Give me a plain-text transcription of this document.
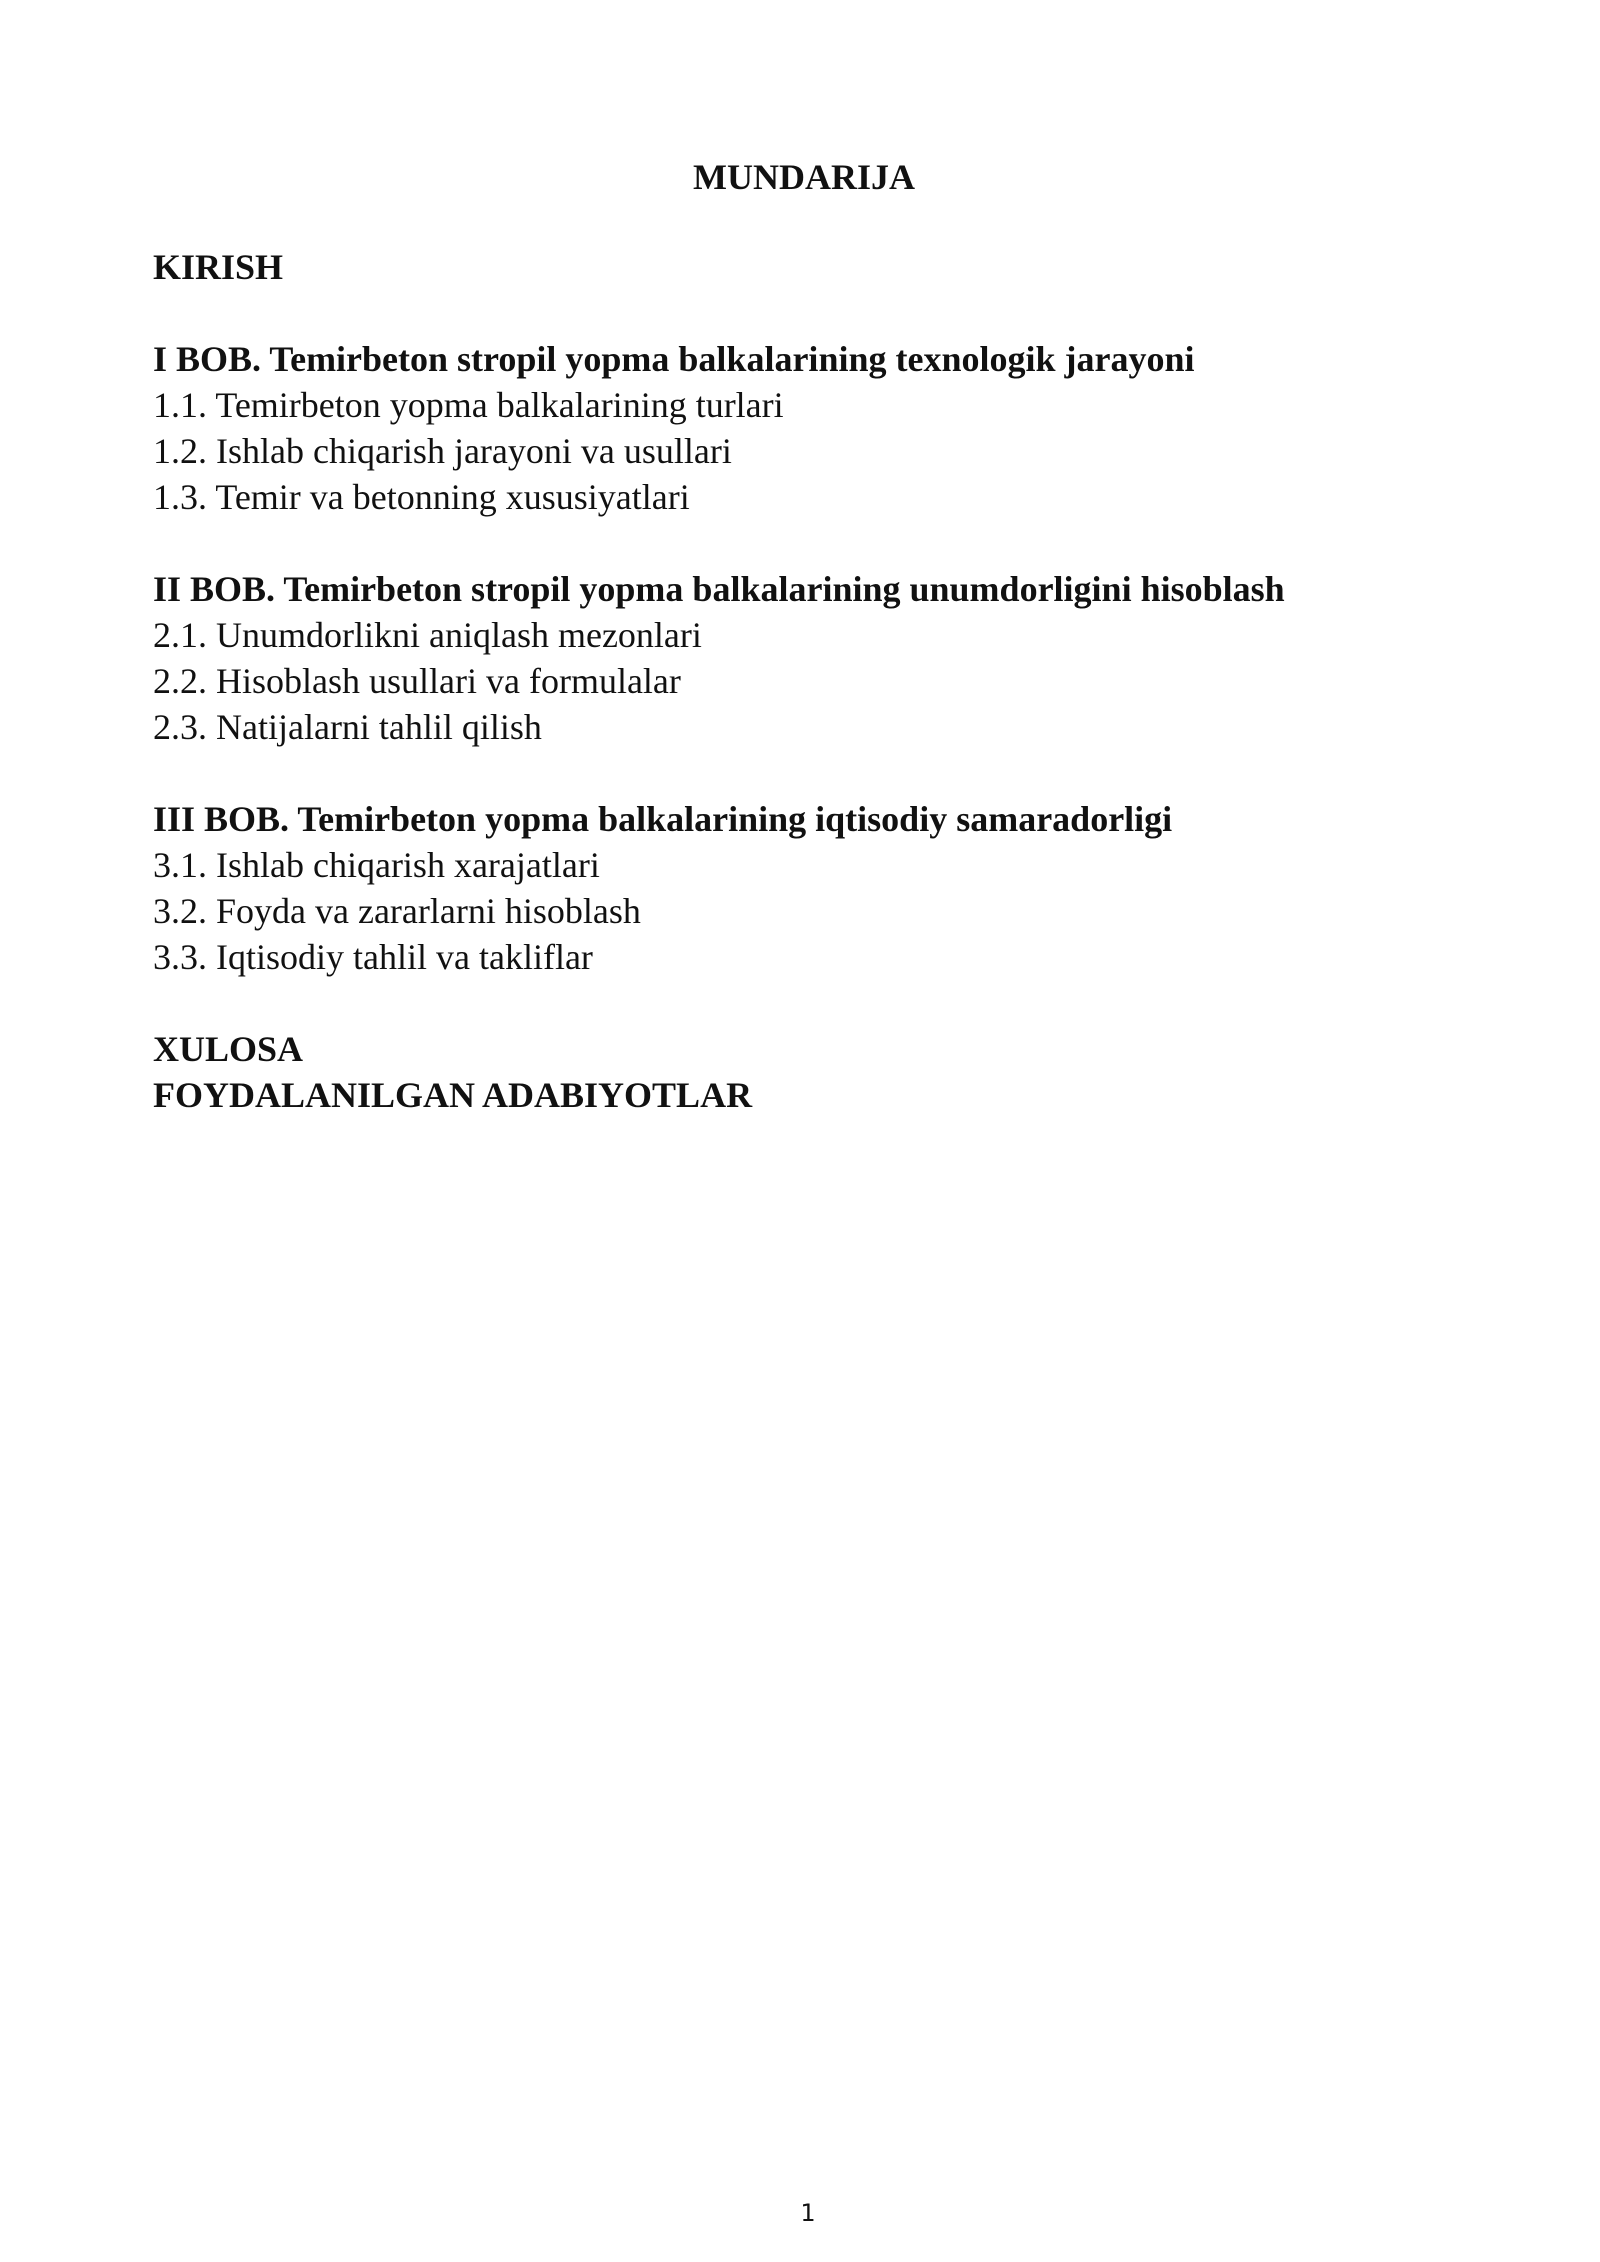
MUNDARIJA
KIRISH
I BOB. Temirbeton stropil yopma balkalarining texnologik jarayoni
1.1. Temirbeton yopma balkalarining turlari
1.2. Ishlab chiqarish jarayoni va usullari
1.3. Temir va betonning xususiyatlari
II BOB. Temirbeton stropil yopma balkalarining unumdorligini hisoblash
2.1. Unumdorlikni aniqlash mezonlari
2.2. Hisoblash usullari va formulalar
2.3. Natijalarni tahlil qilish
III BOB. Temirbeton yopma balkalarining iqtisodiy samaradorligi
3.1. Ishlab chiqarish xarajatlari
3.2. Foyda va zararlarni hisoblash
3.3. Iqtisodiy tahlil va takliflar
XULOSA
FOYDALANILGAN ADABIYOTLAR
1
